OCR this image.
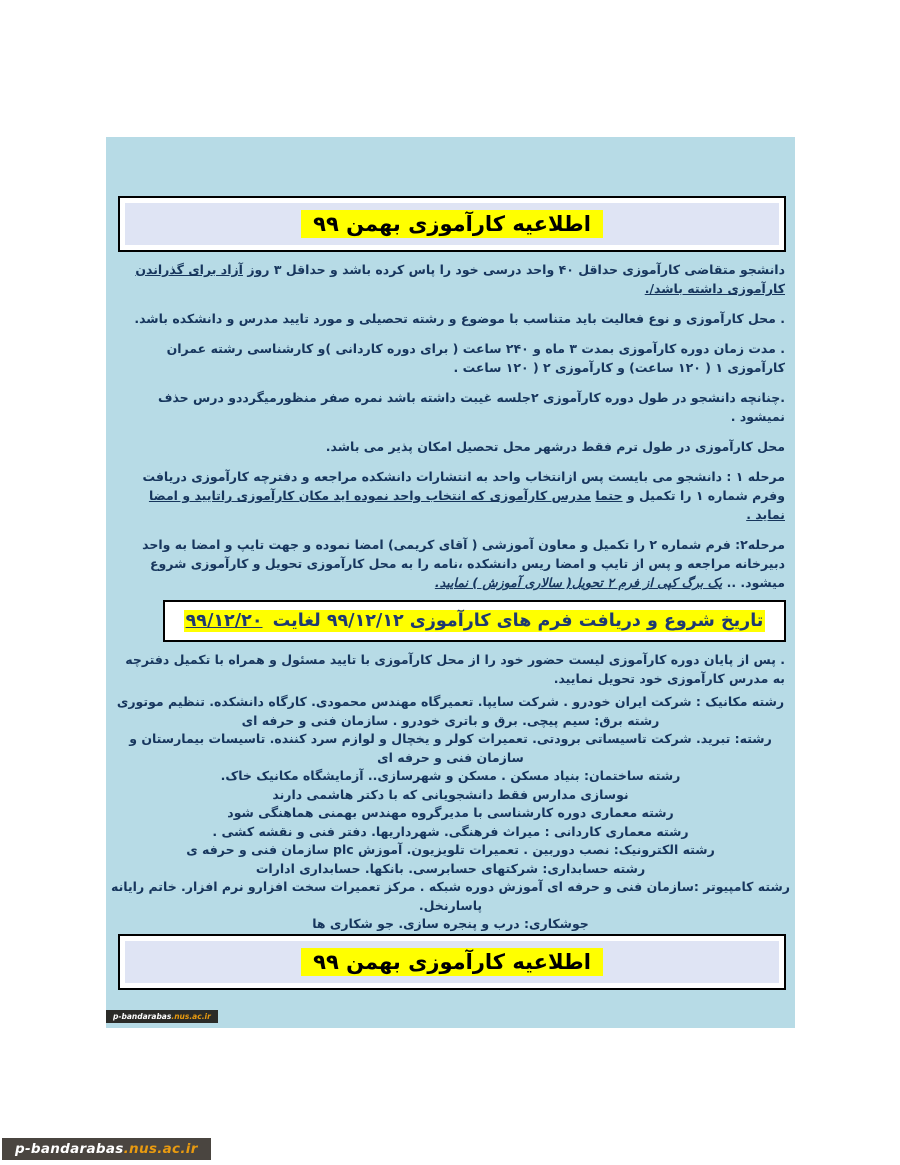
اطلاعیه کارآموزی بهمن ۹۹
دانشجو متقاضی کارآموزی حداقل ۴۰ واحد درسی خود را پاس کرده باشد و حداقل ۳ روز آزاد برای گذراندن کارآموزی داشته باشد/.
. محل کارآموزی و نوع فعالیت باید متناسب با موضوع و رشته تحصیلی و مورد تایید مدرس و دانشکده باشد.
. مدت زمان دوره کارآموزی بمدت ۳ ماه و ۲۴۰ ساعت ( برای دوره کاردانی )و کارشناسی رشته عمران کارآموزی ۱ ( ۱۲۰ ساعت) و کارآموزی ۲ ( ۱۲۰ ساعت .
.چنانچه دانشجو در طول دوره کارآموزی ۲جلسه غیبت داشته باشد نمره صفر منظورمیگرددو درس حذف نمیشود .
محل کارآموزی در طول ترم فقط درشهر محل تحصیل امکان پذیر می باشد.
مرحله ۱ : دانشجو می بایست پس ازانتخاب واحد به انتشارات دانشکده مراجعه و دفترچه کارآموزی دریافت وفرم شماره ۱ را تکمیل و حتما مدرس کارآموزی که انتخاب واحد نموده اید مکان کارآموزی راتایید و امضا نماید .
مرحله۲: فرم شماره ۲ را تکمیل و معاون آموزشی ( آقای کریمی) امضا نموده و جهت تایپ و امضا به واحد دبیرخانه مراجعه و پس از تایپ و امضا ریس دانشکده ،نامه را به محل کارآموزی تحویل و کارآموزی شروع میشود. .. یک برگ کپی از فرم ۲ تحویل( سالاری آموزش ) نمایید.
تاریخ شروع و دریافت فرم های کارآموزی ۹۹/۱۲/۱۲ لغایت ۹۹/۱۲/۲۰
. پس از پایان دوره کارآموزی لیست حضور خود را از محل کارآموزی با تایید مسئول و همراه با تکمیل دفترچه به مدرس کارآموزی خود تحویل نمایید.
رشته مکانیک : شرکت ایران خودرو . شرکت سایپا. تعمیرگاه مهندس محمودی. کارگاه دانشکده. تنظیم موتوری
رشته برق: سیم پیچی. برق و باتری خودرو . سازمان فنی و حرفه ای
رشته: تبرید. شرکت تاسیساتی برودتی. تعمیرات کولر و یخچال و لوازم سرد کننده. تاسیسات بیمارستان و سازمان فنی و حرفه ای
رشته ساختمان: بنیاد مسکن . مسکن و شهرسازی.. آزمایشگاه مکانیک خاک.
نوسازی مدارس فقط دانشجویانی که با دکتر هاشمی دارند
رشته معماری دوره کارشناسی با مدیرگروه مهندس بهمنی هماهنگی شود
رشته معماری کاردانی : میراث فرهنگی. شهرداریها. دفتر فنی و نقشه کشی .
رشته الکترونیک: نصب دوربین . تعمیرات تلویزیون. آموزش plc سازمان فنی و حرفه ی
رشته حسابداری: شرکتهای حسابرسی. بانکها. حسابداری ادارات
رشته کامپیوتر :سازمان فنی و حرفه ای آموزش دوره شبکه . مرکز تعمیرات سخت افزارو نرم افزار. خاتم رایانه پاسارنخل.
جوشکاری: درب و پنجره سازی. جو شکاری ها
اطلاعیه کارآموزی بهمن ۹۹
p-bandarabas.nus.ac.ir
p-bandarabas.nus.ac.ir
